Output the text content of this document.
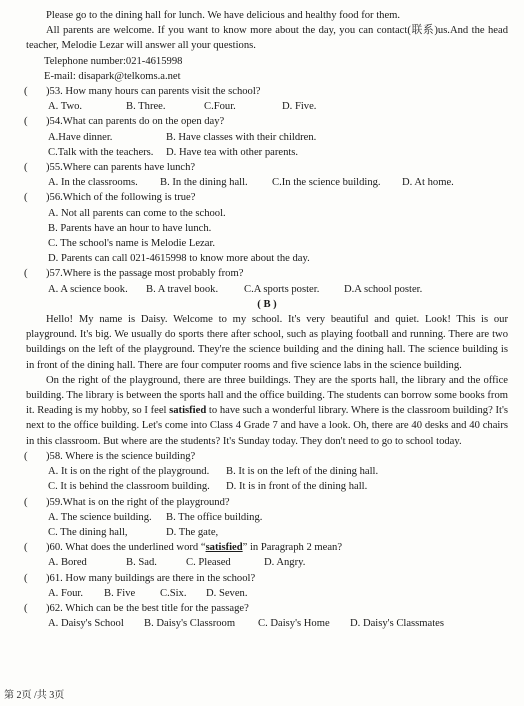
Please go to the dining hall for lunch. We have delicious and healthy food for them.

All parents are welcome. If you want to know more about the day, you can contact(联系)us.And the head teacher, Melodie Lezar will answer all your questions.

Telephone number:021-4615998

E-mail: disapark@telkoms.a.net

( )53. How many hours can parents visit the school?

A. Two.	B. Three.	C.Four.	D. Five.

( )54.What can parents do on the open day?

A.Have dinner.	B. Have classes with their children.

C.Talk with the teachers. D. Have tea with other parents.

( )55.Where can parents have lunch?

A. In the classrooms. B. In the dining hall. C.In the science building. D. At home.

( )56.Which of the following is true?

A. Not all parents can come to the school.

B. Parents have an hour to have lunch.

C. The school's name is Melodie Lezar.

D. Parents can call 021-4615998 to know more about the day.

( )57.Where is the passage most probably from?

A. A science book. B. A travel book. C.A sports poster. D.A school poster.

( B )

Hello! My name is Daisy. Welcome to my school. It's very beautiful and quiet. Look! This is our playground. It's big. We usually do sports there after school, such as playing football and running. There are two buildings on the left of the playground. They're the science building and the dining hall. The science building is in front of the dining hall. There are four computer rooms and five science labs in the science building.

On the right of the playground, there are three buildings. They are the sports hall, the library and the office building. The library is between the sports hall and the office building. The students can borrow some books from it. Reading is my hobby, so I feel satisfied to have such a wonderful library. Where is the classroom building? It's next to the office building. Let's come into Class 4 Grade 7 and have a look. Oh, there are 40 desks and 40 chairs in this classroom. But where are the students? It's Sunday today. They don't need to go to school today.

( )58. Where is the science building?

A. It is on the right of the playground. B. It is on the left of the dining hall.

C. It is behind the classroom building. D. It is in front of the dining hall.

( )59.What is on the right of the playground?

A. The science building. B. The office building.

C. The dining hall,	D. The gate,

( )60. What does the underlined word “satisfied” in Paragraph 2 mean?

A. Bored	B. Sad.	C. Pleased	D. Angry.

( )61. How many buildings are there in the school?

A. Four. B. Five C.Six. D. Seven.

( )62. Which can be the best title for the passage?

A. Daisy's School B. Daisy's Classroom C. Daisy's Home D. Daisy's Classmates

第 2页 /共 3页
